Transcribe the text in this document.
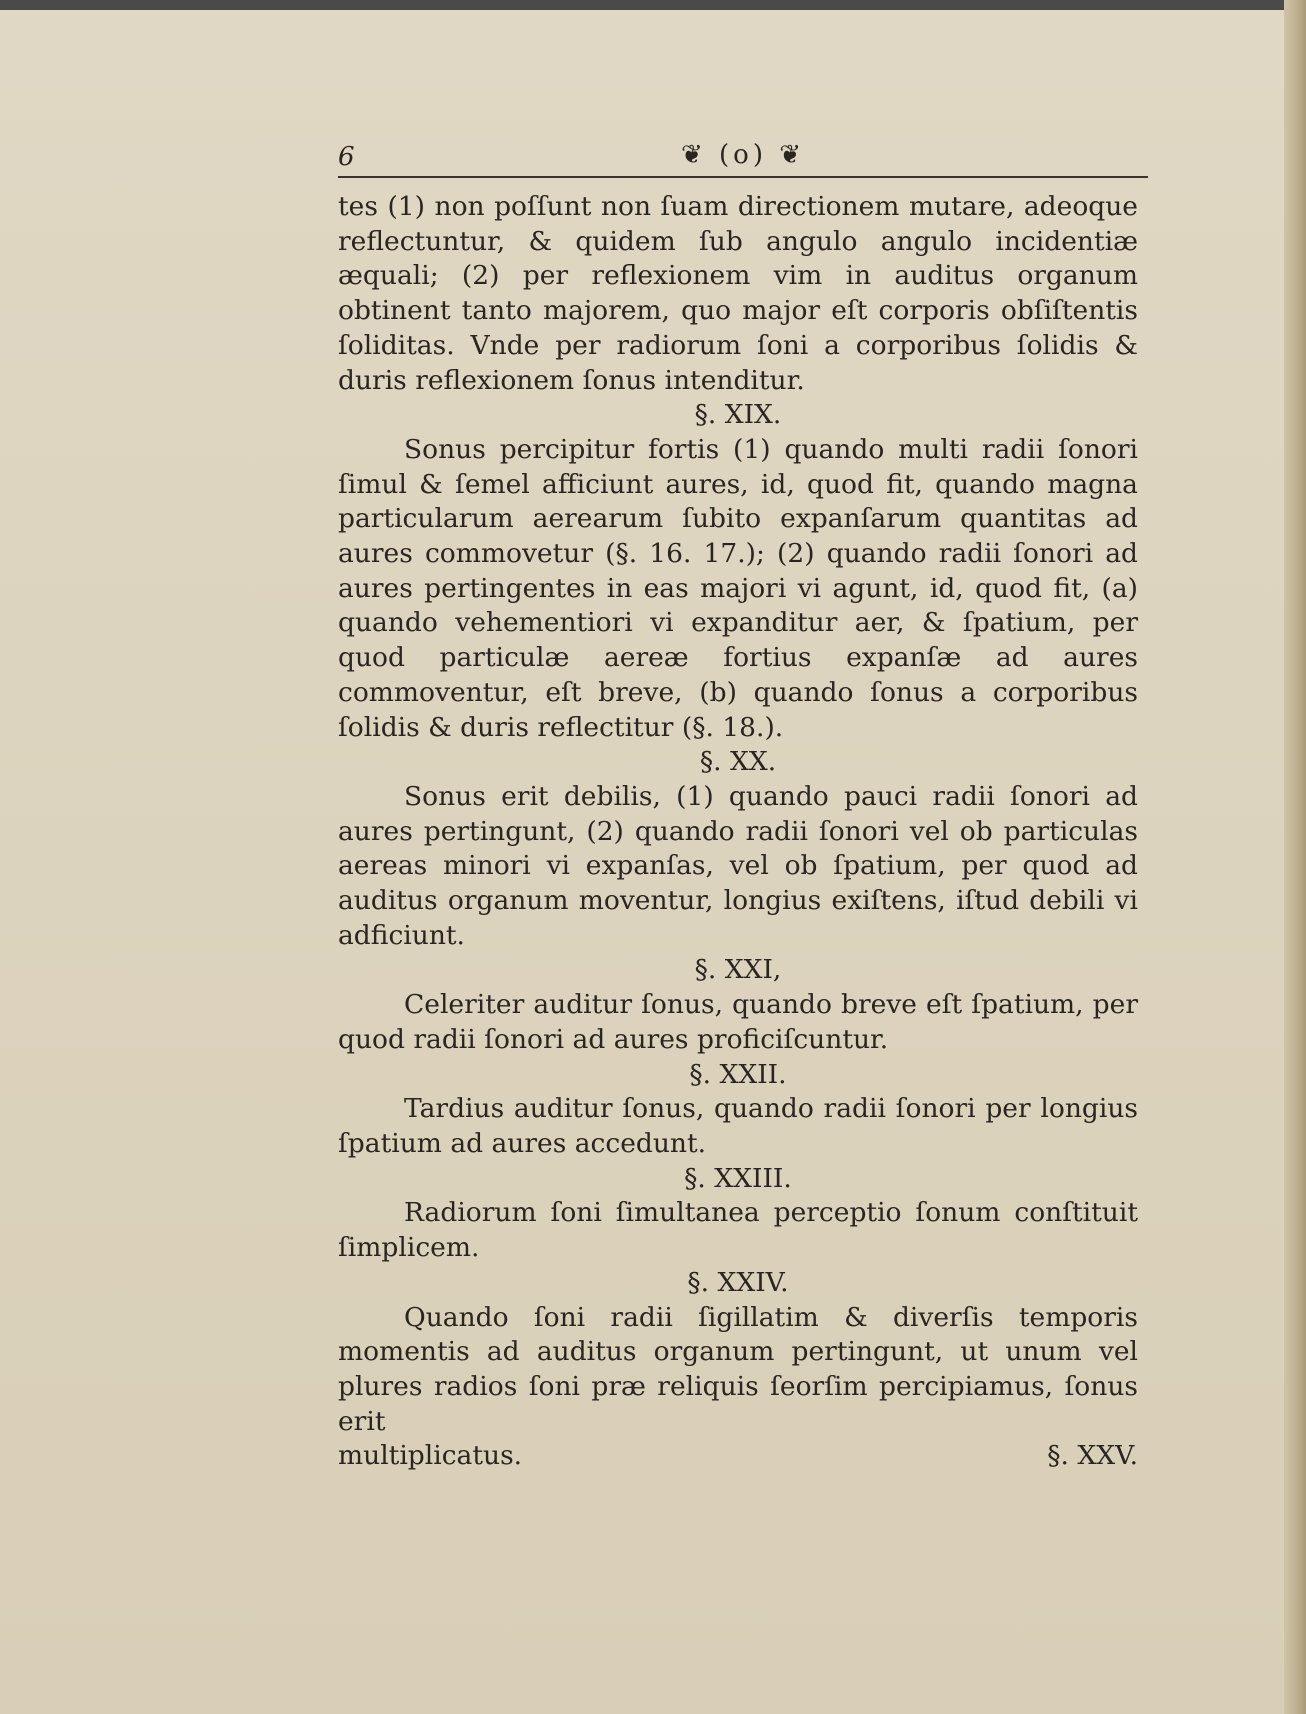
6	❦ (o) ❦

tes (1) non poſſunt non ſuam directionem mutare, adeoque reflectuntur, & quidem ſub angulo angulo incidentiæ æquali; (2) per reflexionem vim in auditus organum obtinent tanto majorem, quo major eſt corporis obſiſtentis ſoliditas. Vnde per radiorum ſoni a corporibus ſolidis & duris reflexionem ſonus intenditur.

§. XIX.

Sonus percipitur fortis (1) quando multi radii ſonori ſimul & ſemel afficiunt aures, id, quod fit, quando magna particularum aerearum ſubito expanſarum quantitas ad aures commovetur (§. 16. 17.); (2) quando radii ſonori ad aures pertingentes in eas majori vi agunt, id, quod fit, (a) quando vehementiori vi expanditur aer, & ſpatium, per quod particulæ aereæ fortius expanſæ ad aures commoventur, eſt breve, (b) quando ſonus a corporibus ſolidis & duris reflectitur (§. 18.).

§. XX.

Sonus erit debilis, (1) quando pauci radii ſonori ad aures pertingunt, (2) quando radii ſonori vel ob particulas aereas minori vi expanſas, vel ob ſpatium, per quod ad auditus organum moventur, longius exiſtens, iſtud debili vi adficiunt.

§. XXI,

Celeriter auditur ſonus, quando breve eſt ſpatium, per quod radii ſonori ad aures proficiſcuntur.

§. XXII.

Tardius auditur ſonus, quando radii ſonori per longius ſpatium ad aures accedunt.

§. XXIII.

Radiorum ſoni ſimultanea perceptio ſonum conſtituit ſimplicem.

§. XXIV.

Quando ſoni radii ſigillatim & diverſis temporis momentis ad auditus organum pertingunt, ut unum vel plures radios ſoni præ reliquis ſeorſim percipiamus, ſonus erit

multiplicatus.	§. XXV.
